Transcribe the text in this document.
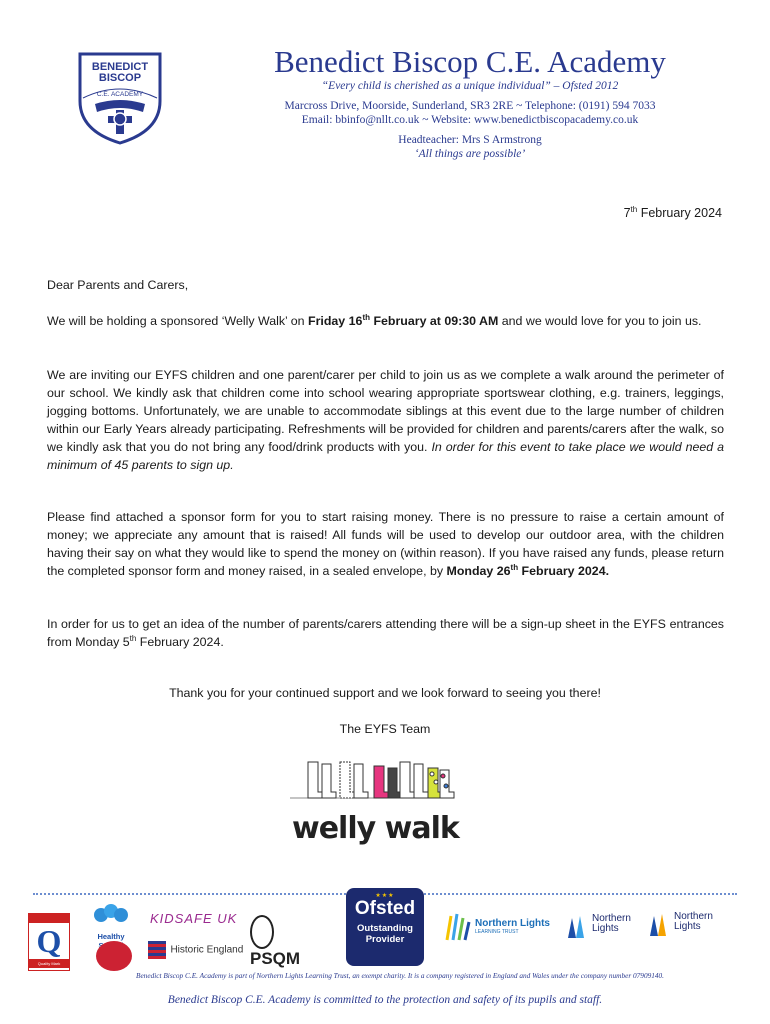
BENEDICT
BISCOP
C.E. ACADEMY
Benedict Biscop C.E. Academy
“Every child is cherished as a unique individual” – Ofsted 2012
Marcross Drive, Moorside, Sunderland, SR3 2RE ~ Telephone: (0191) 594 7033
Email: bbinfo@nllt.co.uk ~ Website: www.benedictbiscopacademy.co.uk
Headteacher: Mrs S Armstrong
‘All things are possible’
7th February 2024
Dear Parents and Carers,

We will be holding a sponsored ‘Welly Walk’ on Friday 16th February at 09:30 AM and we would love for you to join us.

We are inviting our EYFS children and one parent/carer per child to join us as we complete a walk around the perimeter of our school. We kindly ask that children come into school wearing appropriate sportswear clothing, e.g. trainers, leggings, jogging bottoms. Unfortunately, we are unable to accommodate siblings at this event due to the large number of children within our Early Years already participating. Refreshments will be provided for children and parents/carers after the walk, so we kindly ask that you do not bring any food/drink products with you. In order for this event to take place we would need a minimum of 45 parents to sign up.

Please find attached a sponsor form for you to start raising money. There is no pressure to raise a certain amount of money; we appreciate any amount that is raised! All funds will be used to develop our outdoor area, with the children having their say on what they would like to spend the money on (within reason). If you have raised any funds, please return the completed sponsor form and money raised, in a sealed envelope, by Monday 26th February 2024.

In order for us to get an idea of the number of parents/carers attending there will be a sign-up sheet in the EYFS entrances from Monday 5th February 2024.

Thank you for your continued support and we look forward to seeing you there!
The EYFS Team
welly walk
Q
Quality Mark
Healthy
KIDSAFE UK
Historic England PSQM
★★★
Ofsted
Outstanding
Provider
Northern Lights
LEARNING TRUST
Northern Lights
Northern Lights
Benedict Biscop C.E. Academy is part of Northern Lights Learning Trust, an exempt charity. It is a company registered in England and Wales under the company number 07909140.
Benedict Biscop C.E. Academy is committed to the protection and safety of its pupils and staff.
